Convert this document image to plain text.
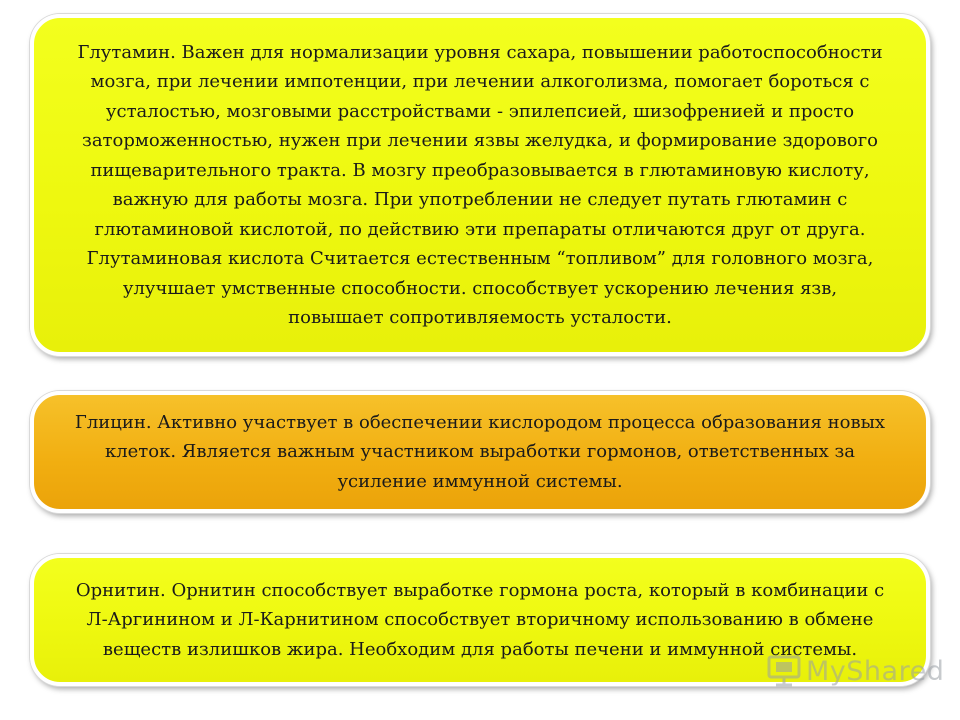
Глутамин. Важен для нормализации уровня сахара, повышении работоспособности мозга, при лечении импотенции, при лечении алкоголизма, помогает бороться с усталостью, мозговыми расстройствами - эпилепсией, шизофренией и просто заторможенностью, нужен при лечении язвы желудка, и формирование здорового пищеварительного тракта. В мозгу преобразовывается в глютаминовую кислоту, важную для работы мозга. При употреблении не следует путать глютамин с глютаминовой кислотой, по действию эти препараты отличаются друг от друга. Глутаминовая кислота Считается естественным “топливом” для головного мозга, улучшает умственные способности. способствует ускорению лечения язв, повышает сопротивляемость усталости.
Глицин. Активно участвует в обеспечении кислородом процесса образования новых клеток. Является важным участником выработки гормонов, ответственных за усиление иммунной системы.
Орнитин. Орнитин способствует выработке гормона роста, который в комбинации с Л-Аргинином и Л-Карнитином способствует вторичному использованию в обмене веществ излишков жира. Необходим для работы печени и иммунной системы.
MyShared
